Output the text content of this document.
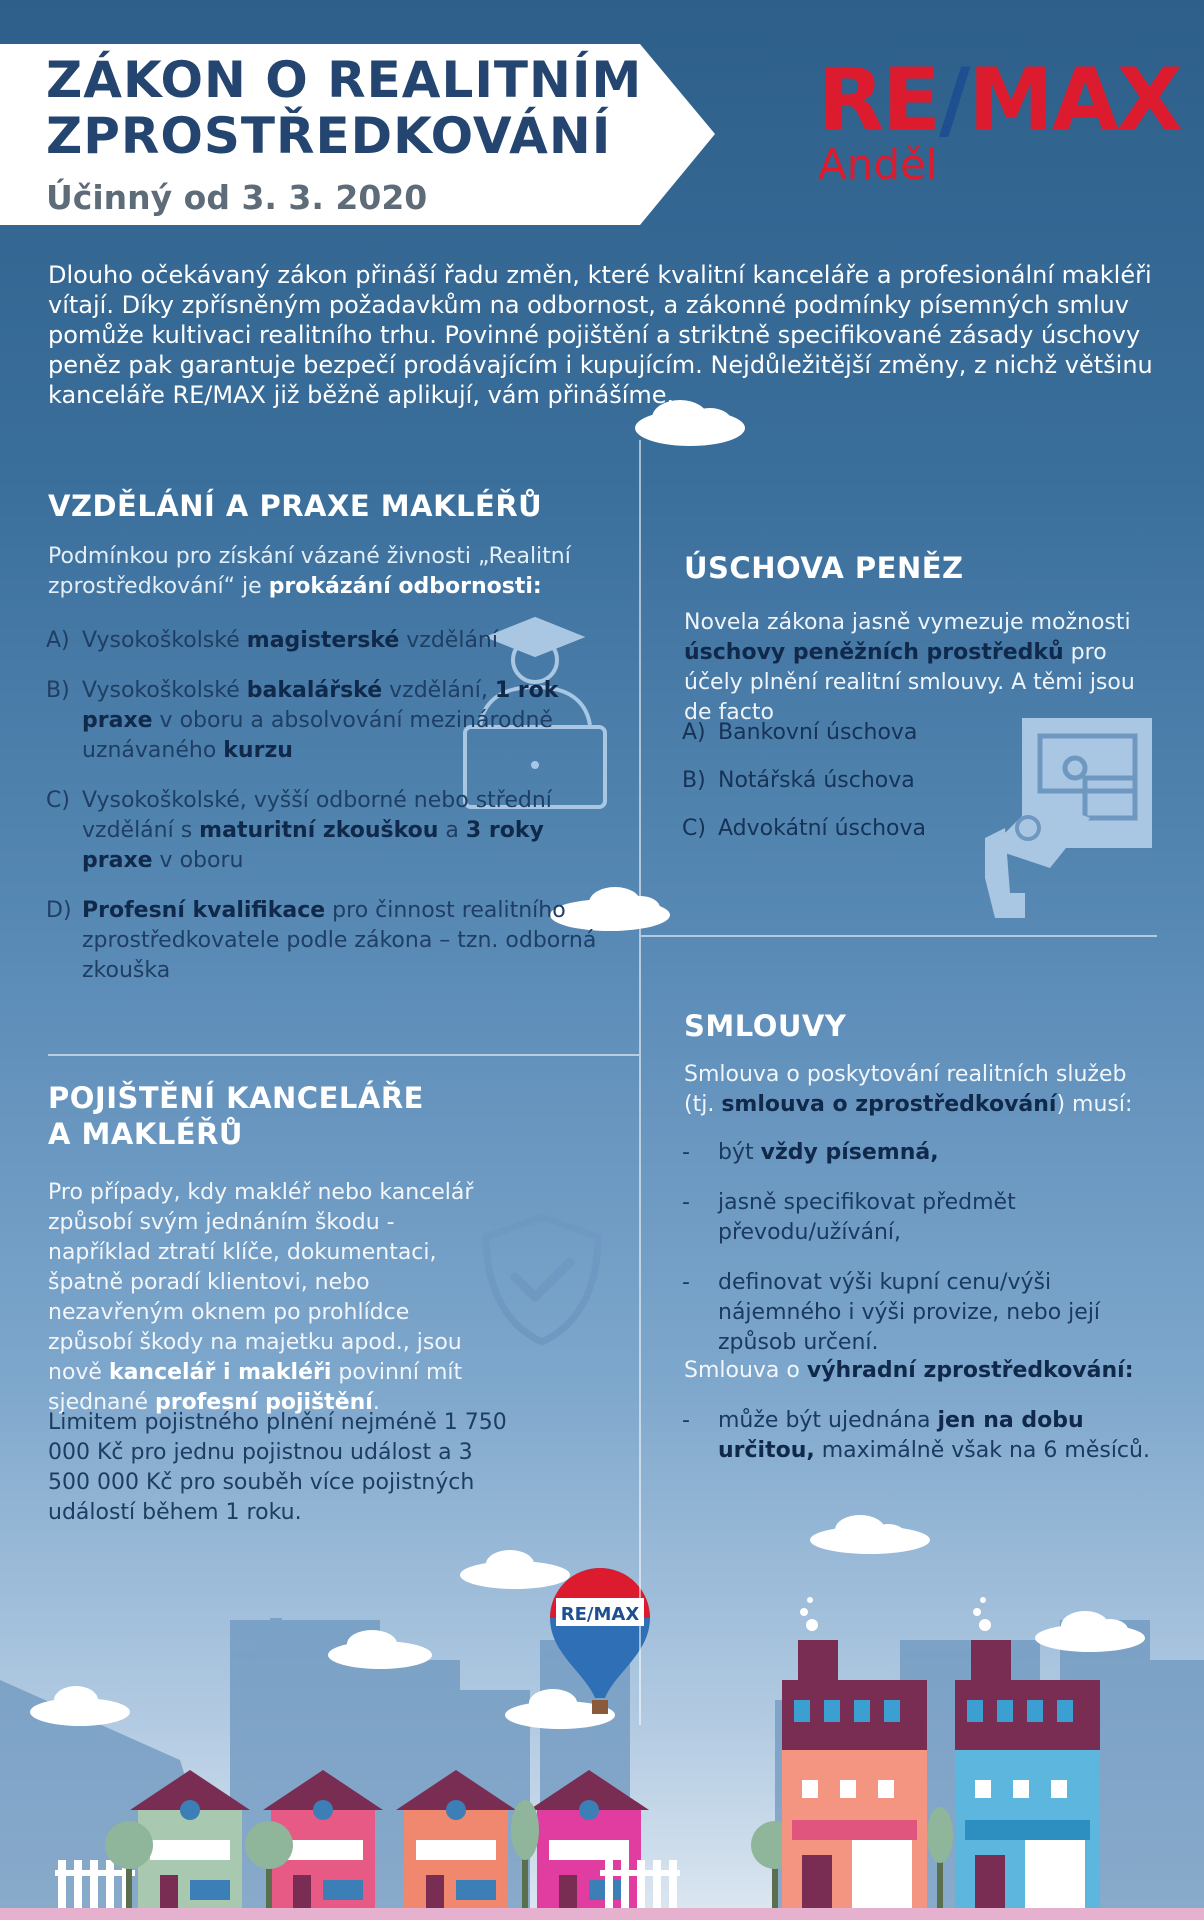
ZÁKON O REALITNÍM
ZPROSTŘEDKOVÁNÍ
Účinný od 3. 3. 2020
RE/MAX
Anděl
Dlouho očekávaný zákon přináší řadu změn, které kvalitní kanceláře a profesionální makléři vítají. Díky zpřísněným požadavkům na odbornost, a zákonné podmínky písemných smluv pomůže kultivaci realitního trhu. Povinné pojištění a striktně specifikované zásady úschovy peněz pak garantuje bezpečí prodávajícím i kupujícím. Nejdůležitější změny, z nichž většinu kanceláře RE/MAX již běžně aplikují, vám přinášíme.
VZDĚLÁNÍ A PRAXE MAKLÉŘŮ
Podmínkou pro získání vázané živnosti „Realitní zprostředkování“ je prokázání odbornosti:
A) Vysokoškolské magisterské vzdělání
B) Vysokoškolské bakalářské vzdělání, 1 rok praxe v oboru a absolvování mezinárodně uznávaného kurzu
C) Vysokoškolské, vyšší odborné nebo střední vzdělání s maturitní zkouškou a 3 roky praxe v oboru
D) Profesní kvalifikace pro činnost realitního zprostředkovatele podle zákona – tzn. odborná zkouška
ÚSCHOVA PENĚZ
Novela zákona jasně vymezuje možnosti úschovy peněžních prostředků pro účely plnění realitní smlouvy. A těmi jsou de facto
A) Bankovní úschova
B) Notářská úschova
C) Advokátní úschova
SMLOUVY
Smlouva o poskytování realitních služeb (tj. smlouva o zprostředkování) musí:
- být vždy písemná,
- jasně specifikovat předmět převodu/užívání,
- definovat výši kupní cenu/výši nájemného i výši provize, nebo její způsob určení.
Smlouva o výhradní zprostředkování:
- může být ujednána jen na dobu určitou, maximálně však na 6 měsíců.
POJIŠTĚNÍ KANCELÁŘE
A MAKLÉŘŮ
Pro případy, kdy makléř nebo kancelář způsobí svým jednáním škodu - například ztratí klíče, dokumentaci, špatně poradí klientovi, nebo nezavřeným oknem po prohlídce způsobí škody na majetku apod., jsou nově kancelář i makléři povinní mít sjednané profesní pojištění.
Limitem pojistného plnění nejméně 1 750 000 Kč pro jednu pojistnou událost a 3 500 000 Kč pro souběh více pojistných událostí během 1 roku.
RE/MAX
